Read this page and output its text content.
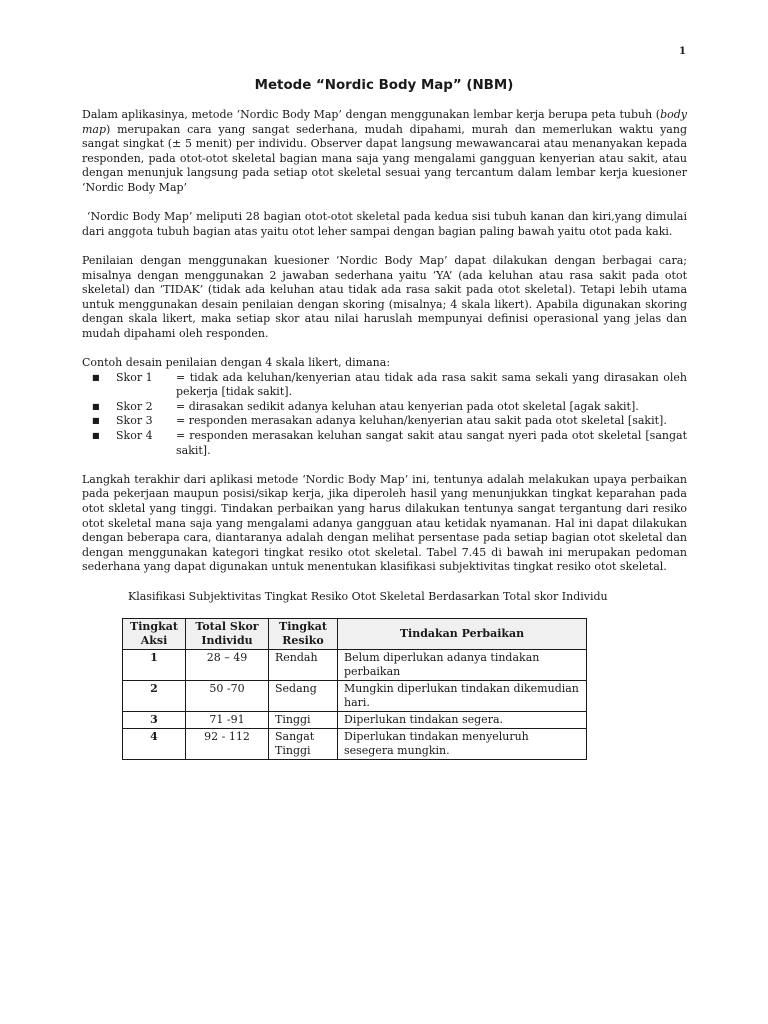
1
Metode “Nordic Body Map” (NBM)

Dalam aplikasinya, metode ‘Nordic Body Map’ dengan menggunakan lembar kerja berupa peta tubuh (body map) merupakan cara yang sangat sederhana, mudah dipahami, murah dan memerlukan waktu yang sangat singkat (± 5 menit) per individu. Observer dapat langsung mewawancarai atau menanyakan kepada responden, pada otot-otot skeletal bagian mana saja yang mengalami gangguan kenyerian atau sakit, atau dengan menunjuk langsung pada setiap otot skeletal sesuai yang tercantum dalam lembar kerja kuesioner ‘Nordic Body Map’

‘Nordic Body Map’ meliputi 28 bagian otot-otot skeletal pada kedua sisi tubuh kanan dan kiri,yang dimulai dari anggota tubuh bagian atas yaitu otot leher sampai dengan bagian paling bawah yaitu otot pada kaki.

Penilaian dengan menggunakan kuesioner ‘Nordic Body Map’ dapat dilakukan dengan berbagai cara; misalnya dengan menggunakan 2 jawaban sederhana yaitu ‘YA’ (ada keluhan atau rasa sakit pada otot skeletal) dan ‘TIDAK’ (tidak ada keluhan atau tidak ada rasa sakit pada otot skeletal). Tetapi lebih utama untuk menggunakan desain penilaian dengan skoring (misalnya; 4 skala likert). Apabila digunakan skoring dengan skala likert, maka setiap skor atau nilai haruslah mempunyai definisi operasional yang jelas dan mudah dipahami oleh responden.

Contoh desain penilaian dengan 4 skala likert, dimana:

■ Skor 1	= tidak ada keluhan/kenyerian atau tidak ada rasa sakit sama sekali yang dirasakan oleh pekerja [tidak sakit].
■ Skor 2	= dirasakan sedikit adanya keluhan atau kenyerian pada otot skeletal [agak sakit].
■ Skor 3	= responden merasakan adanya keluhan/kenyerian atau sakit pada otot skeletal [sakit].
■ Skor 4	= responden merasakan keluhan sangat sakit atau sangat nyeri pada otot skeletal [sangat sakit].

Langkah terakhir dari aplikasi metode ‘Nordic Body Map’ ini, tentunya adalah melakukan upaya perbaikan pada pekerjaan maupun posisi/sikap kerja, jika diperoleh hasil yang menunjukkan tingkat keparahan pada otot skletal yang tinggi. Tindakan perbaikan yang harus dilakukan tentunya sangat tergantung dari resiko otot skeletal mana saja yang mengalami adanya gangguan atau ketidak nyamanan. Hal ini dapat dilakukan dengan beberapa cara, diantaranya adalah dengan melihat persentase pada setiap bagian otot skeletal dan dengan menggunakan kategori tingkat resiko otot skeletal. Tabel 7.45 di bawah ini merupakan pedoman sederhana yang dapat digunakan untuk menentukan klasifikasi subjektivitas tingkat resiko otot skeletal.

Klasifikasi Subjektivitas Tingkat Resiko Otot Skeletal Berdasarkan Total skor Individu
Tingkat Aksi	Total Skor Individu	Tingkat Resiko	Tindakan Perbaikan
1	28 – 49	Rendah	Belum diperlukan adanya tindakan perbaikan
2	50 -70	Sedang	Mungkin diperlukan tindakan dikemudian hari.
3	71 -91	Tinggi	Diperlukan tindakan segera.
4	92 - 112	Sangat Tinggi	Diperlukan tindakan menyeluruh sesegera mungkin.
